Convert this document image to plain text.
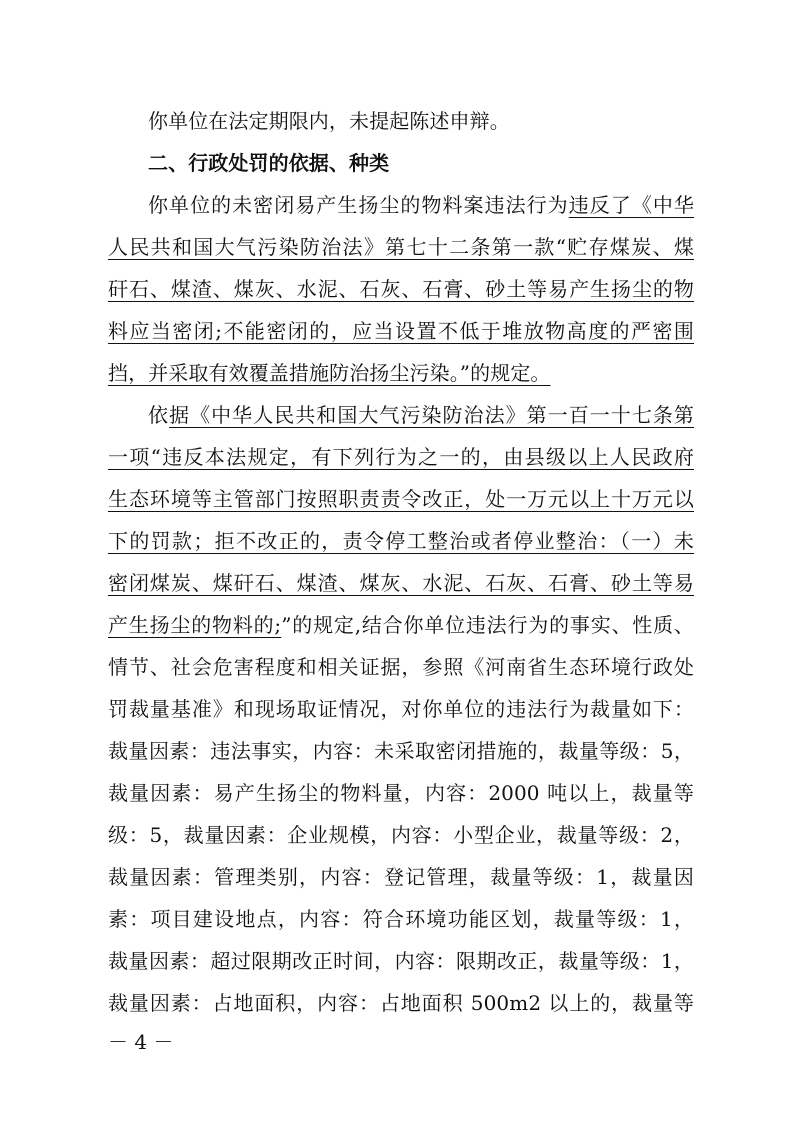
你单位在法定期限内，未提起陈述申辩。
二、行政处罚的依据、种类
你单位的未密闭易产生扬尘的物料案违法行为违反了《中华
人民共和国大气污染防治法》第七十二条第一款“贮存煤炭、煤
矸石、煤渣、煤灰、水泥、石灰、石膏、砂土等易产生扬尘的物
料应当密闭;不能密闭的，应当设置不低于堆放物高度的严密围
挡，并采取有效覆盖措施防治扬尘污染。”的规定。
依据《中华人民共和国大气污染防治法》第一百一十七条第
一项“违反本法规定，有下列行为之一的，由县级以上人民政府
生态环境等主管部门按照职责责令改正，处一万元以上十万元以
下的罚款；拒不改正的，责令停工整治或者停业整治：（一）未
密闭煤炭、煤矸石、煤渣、煤灰、水泥、石灰、石膏、砂土等易
产生扬尘的物料的;”的规定,结合你单位违法行为的事实、性质、
情节、社会危害程度和相关证据，参照《河南省生态环境行政处
罚裁量基准》和现场取证情况，对你单位的违法行为裁量如下：
裁量因素：违法事实，内容：未采取密闭措施的，裁量等级：5，
裁量因素：易产生扬尘的物料量，内容：2000 吨以上，裁量等
级：5，裁量因素：企业规模，内容：小型企业，裁量等级：2，
裁量因素：管理类别，内容：登记管理，裁量等级：1，裁量因
素：项目建设地点，内容：符合环境功能区划，裁量等级：1，
裁量因素：超过限期改正时间，内容：限期改正，裁量等级：1，
裁量因素：占地面积，内容：占地面积 500m2 以上的，裁量等
－ 4 －
